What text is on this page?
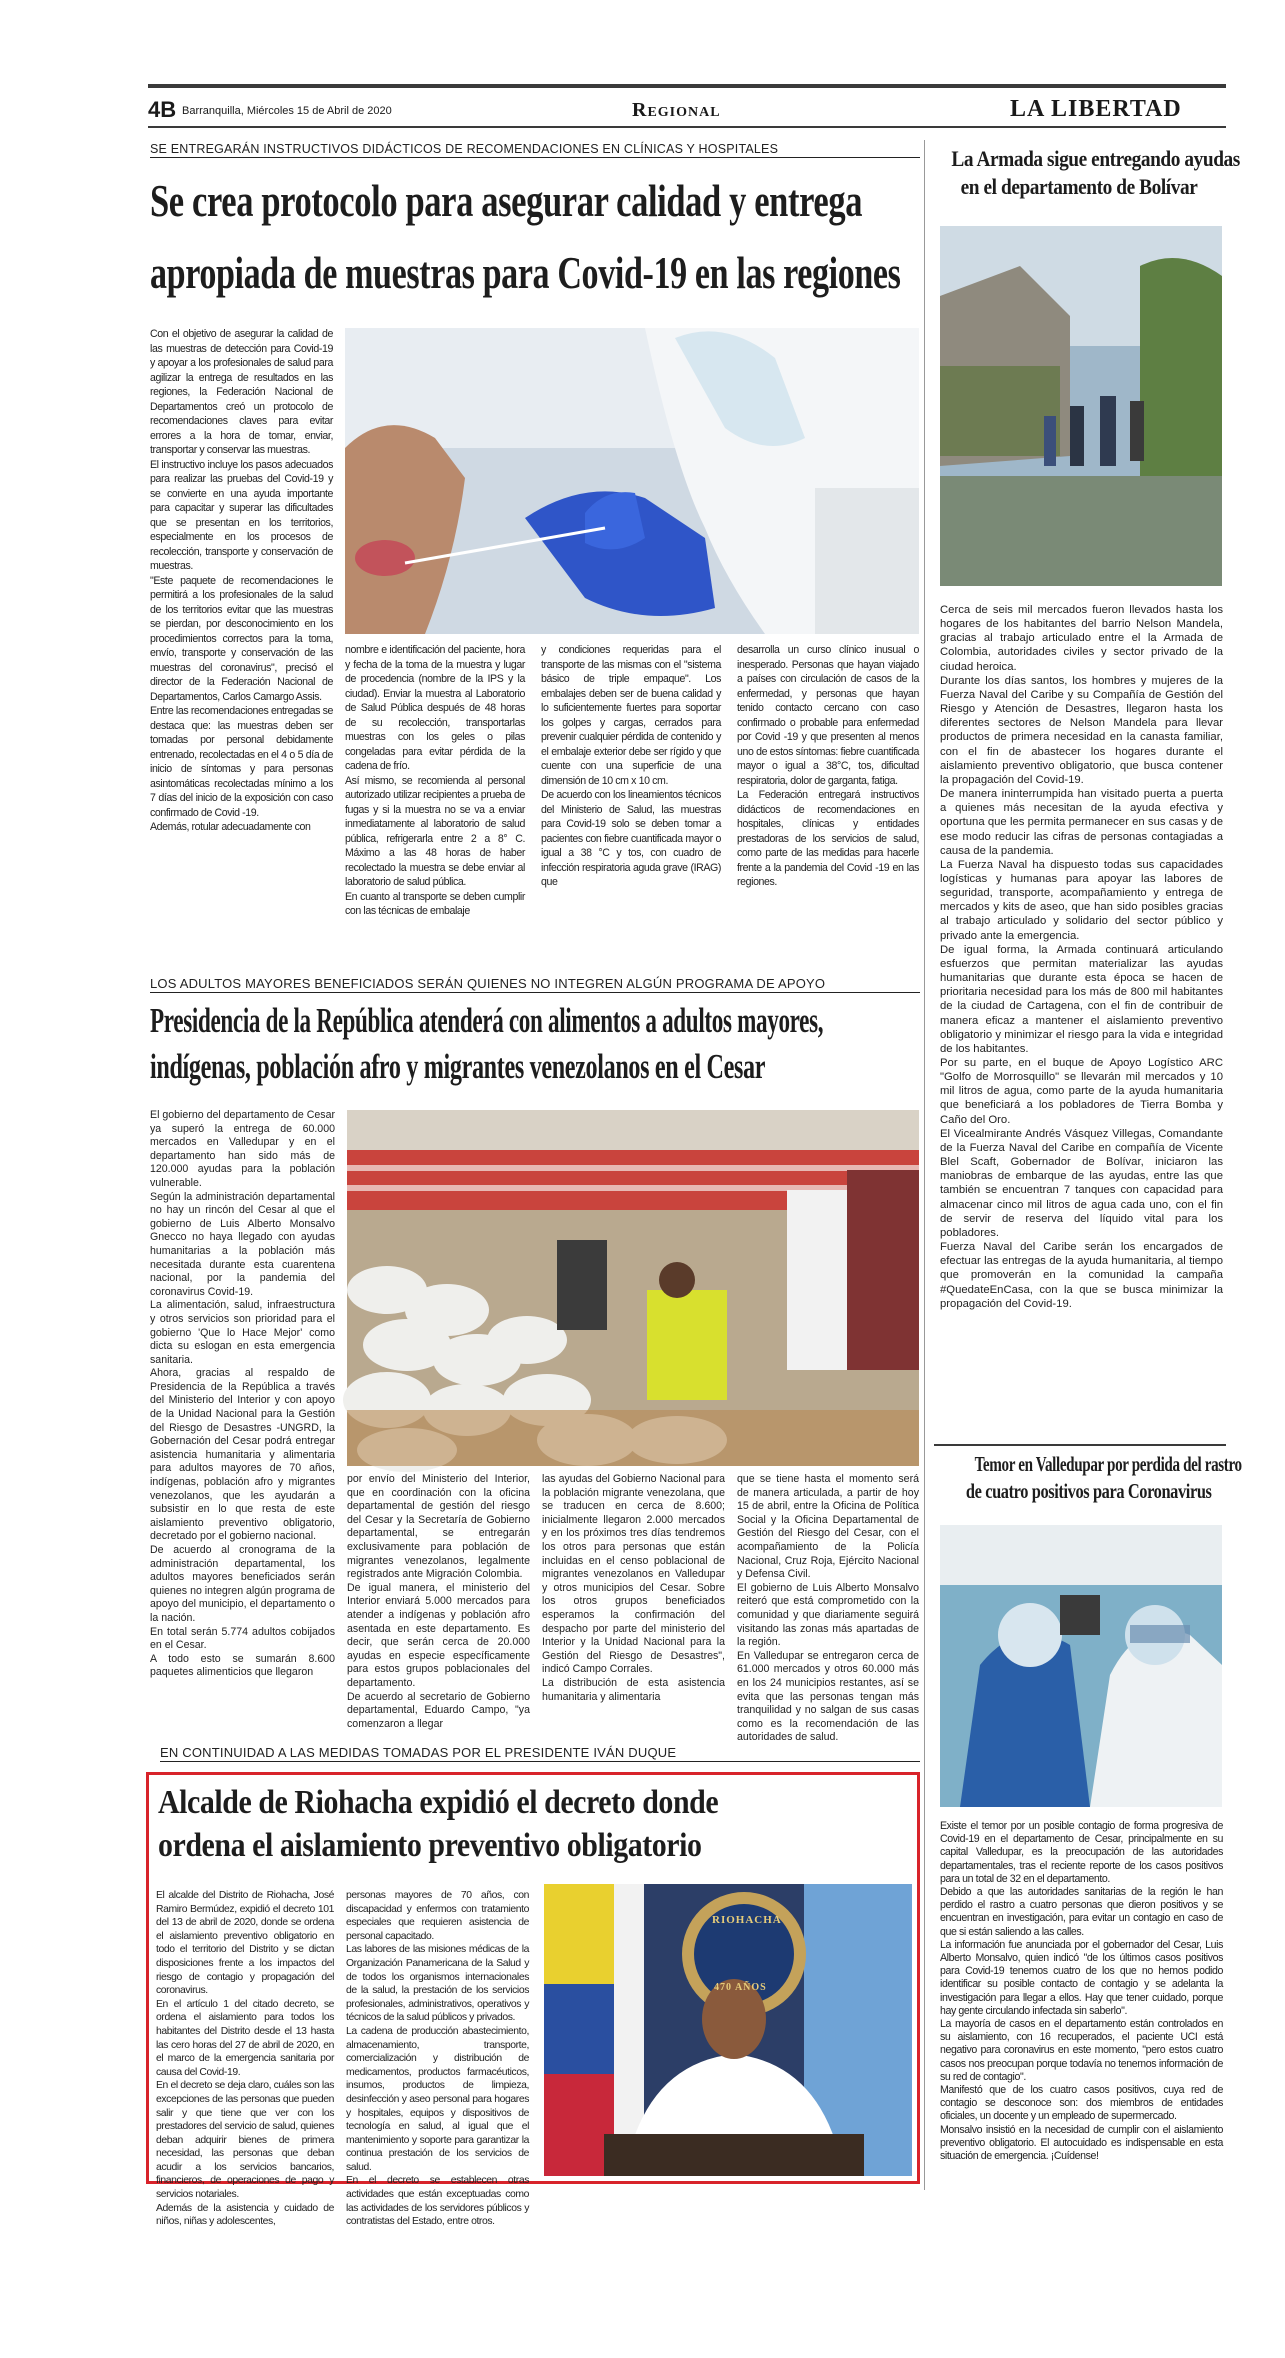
4B Barranquilla, Miércoles 15 de Abril de 2020	Regional	LA LIBERTAD
SE ENTREGARÁN INSTRUCTIVOS DIDÁCTICOS DE RECOMENDACIONES EN CLÍNICAS Y HOSPITALES
Se crea protocolo para asegurar calidad y entrega
apropiada de muestras para Covid-19 en las regiones

Con el objetivo de asegurar la calidad de las muestras de detección para Covid-19 y apoyar a los profesionales de salud para agilizar la entrega de resultados en las regiones, la Federación Nacional de Departamentos creó un protocolo de recomendaciones claves para evitar errores a la hora de tomar, enviar, transportar y conservar las muestras.
El instructivo incluye los pasos adecuados para realizar las pruebas del Covid-19 y se convierte en una ayuda importante para capacitar y superar las dificultades que se presentan en los territorios, especialmente en los procesos de recolección, transporte y conservación de muestras.
"Este paquete de recomendaciones le permitirá a los profesionales de la salud de los territorios evitar que las muestras se pierdan, por desconocimiento en los procedimientos correctos para la toma, envío, transporte y conservación de las muestras del coronavirus", precisó el director de la Federación Nacional de Departamentos, Carlos Camargo Assis.
Entre las recomendaciones entregadas se destaca que: las muestras deben ser tomadas por personal debidamente entrenado, recolectadas en el 4 o 5 día de inicio de síntomas y para personas asintomáticas recolectadas mínimo a los 7 días del inicio de la exposición con caso confirmado de Covid -19.
Además, rotular adecuadamente con

nombre e identificación del paciente, hora y fecha de la toma de la muestra y lugar de procedencia (nombre de la IPS y la ciudad). Enviar la muestra al Laboratorio de Salud Pública después de 48 horas de su recolección, transportarlas muestras con los geles o pilas congeladas para evitar pérdida de la cadena de frío.
Así mismo, se recomienda al personal autorizado utilizar recipientes a prueba de fugas y si la muestra no se va a enviar inmediatamente al laboratorio de salud pública, refrigerarla entre 2 a 8° C. Máximo a las 48 horas de haber recolectado la muestra se debe enviar al laboratorio de salud pública.
En cuanto al transporte se deben cumplir con las técnicas de embalaje

y condiciones requeridas para el transporte de las mismas con el "sistema básico de triple empaque". Los embalajes deben ser de buena calidad y lo suficientemente fuertes para soportar los golpes y cargas, cerrados para prevenir cualquier pérdida de contenido y el embalaje exterior debe ser rígido y que cuente con una superficie de una dimensión de 10 cm x 10 cm.
De acuerdo con los lineamientos técnicos del Ministerio de Salud, las muestras para Covid-19 solo se deben tomar a pacientes con fiebre cuantificada mayor o igual a 38 °C y tos, con cuadro de infección respiratoria aguda grave (IRAG) que

desarrolla un curso clínico inusual o inesperado. Personas que hayan viajado a países con circulación de casos de la enfermedad, y personas que hayan tenido contacto cercano con caso confirmado o probable para enfermedad por Covid -19 y que presenten al menos uno de estos síntomas: fiebre cuantificada mayor o igual a 38°C, tos, dificultad respiratoria, dolor de garganta, fatiga.
La Federación entregará instructivos didácticos de recomendaciones en hospitales, clínicas y entidades prestadoras de los servicios de salud, como parte de las medidas para hacerle frente a la pandemia del Covid -19 en las regiones.

LOS ADULTOS MAYORES BENEFICIADOS SERÁN QUIENES NO INTEGREN ALGÚN PROGRAMA DE APOYO
Presidencia de la República atenderá con alimentos a adultos mayores,
indígenas, población afro y migrantes venezolanos en el Cesar

El gobierno del departamento de Cesar ya superó la entrega de 60.000 mercados en Valledupar y en el departamento han sido más de 120.000 ayudas para la población vulnerable.
Según la administración departamental no hay un rincón del Cesar al que el gobierno de Luis Alberto Monsalvo Gnecco no haya llegado con ayudas humanitarias a la población más necesitada durante esta cuarentena nacional, por la pandemia del coronavirus Covid-19.
La alimentación, salud, infraestructura y otros servicios son prioridad para el gobierno 'Que lo Hace Mejor' como dicta su eslogan en esta emergencia sanitaria.
Ahora, gracias al respaldo de Presidencia de la República a través del Ministerio del Interior y con apoyo de la Unidad Nacional para la Gestión del Riesgo de Desastres -UNGRD, la Gobernación del Cesar podrá entregar asistencia humanitaria y alimentaria para adultos mayores de 70 años, indígenas, población afro y migrantes venezolanos, que les ayudarán a subsistir en lo que resta de este aislamiento preventivo obligatorio, decretado por el gobierno nacional.
De acuerdo al cronograma de la administración departamental, los adultos mayores beneficiados serán quienes no integren algún programa de apoyo del municipio, el departamento o la nación.
En total serán 5.774 adultos cobijados en el Cesar.
A todo esto se sumarán 8.600 paquetes alimenticios que llegaron

por envío del Ministerio del Interior, que en coordinación con la oficina departamental de gestión del riesgo del Cesar y la Secretaría de Gobierno departamental, se entregarán exclusivamente para población de migrantes venezolanos, legalmente registrados ante Migración Colombia.
De igual manera, el ministerio del Interior enviará 5.000 mercados para atender a indígenas y población afro asentada en este departamento. Es decir, que serán cerca de 20.000 ayudas en especie específicamente para estos grupos poblacionales del departamento.
De acuerdo al secretario de Gobierno departamental, Eduardo Campo, "ya comenzaron a llegar

las ayudas del Gobierno Nacional para la población migrante venezolana, que se traducen en cerca de 8.600; inicialmente llegaron 2.000 mercados y en los próximos tres días tendremos los otros para personas que están incluidas en el censo poblacional de migrantes venezolanos en Valledupar y otros municipios del Cesar. Sobre los otros grupos beneficiados esperamos la confirmación del despacho por parte del ministerio del Interior y la Unidad Nacional para la Gestión del Riesgo de Desastres", indicó Campo Corrales.
La distribución de esta asistencia humanitaria y alimentaria

que se tiene hasta el momento será de manera articulada, a partir de hoy 15 de abril, entre la Oficina de Política Social y la Oficina Departamental de Gestión del Riesgo del Cesar, con el acompañamiento de la Policía Nacional, Cruz Roja, Ejército Nacional y Defensa Civil.
El gobierno de Luis Alberto Monsalvo reiteró que está comprometido con la comunidad y que diariamente seguirá visitando las zonas más apartadas de la región.
En Valledupar se entregaron cerca de 61.000 mercados y otros 60.000 más en los 24 municipios restantes, así se evita que las personas tengan más tranquilidad y no salgan de sus casas como es la recomendación de las autoridades de salud.

EN CONTINUIDAD A LAS MEDIDAS TOMADAS POR EL PRESIDENTE IVÁN DUQUE
Alcalde de Riohacha expidió el decreto donde
ordena el aislamiento preventivo obligatorio

El alcalde del Distrito de Riohacha, José Ramiro Bermúdez, expidió el decreto 101 del 13 de abril de 2020, donde se ordena el aislamiento preventivo obligatorio en todo el territorio del Distrito y se dictan disposiciones frente a los impactos del riesgo de contagio y propagación del coronavirus.
En el artículo 1 del citado decreto, se ordena el aislamiento para todos los habitantes del Distrito desde el 13 hasta las cero horas del 27 de abril de 2020, en el marco de la emergencia sanitaria por causa del Covid-19.
En el decreto se deja claro, cuáles son las excepciones de las personas que pueden salir y que tiene que ver con los prestadores del servicio de salud, quienes deban adquirir bienes de primera necesidad, las personas que deban acudir a los servicios bancarios, financieros, de operaciones de pago y servicios notariales.
Además de la asistencia y cuidado de niños, niñas y adolescentes,

personas mayores de 70 años, con discapacidad y enfermos con tratamiento especiales que requieren asistencia de personal capacitado.
Las labores de las misiones médicas de la Organización Panamericana de la Salud y de todos los organismos internacionales de la salud, la prestación de los servicios profesionales, administrativos, operativos y técnicos de la salud públicos y privados.
La cadena de producción abastecimiento, almacenamiento, transporte, comercialización y distribución de medicamentos, productos farmacéuticos, insumos, productos de limpieza, desinfección y aseo personal para hogares y hospitales, equipos y dispositivos de tecnología en salud, al igual que el mantenimiento y soporte para garantizar la continua prestación de los servicios de salud.
En el decreto se establecen otras actividades que están exceptuadas como las actividades de los servidores públicos y contratistas del Estado, entre otros.

RIOHACHA
470 AÑOS
La Armada sigue entregando ayudas
en el departamento de Bolívar

Cerca de seis mil mercados fueron llevados hasta los hogares de los habitantes del barrio Nelson Mandela, gracias al trabajo articulado entre el la Armada de Colombia, autoridades civiles y sector privado de la ciudad heroica.
Durante los días santos, los hombres y mujeres de la Fuerza Naval del Caribe y su Compañía de Gestión del Riesgo y Atención de Desastres, llegaron hasta los diferentes sectores de Nelson Mandela para llevar productos de primera necesidad en la canasta familiar, con el fin de abastecer los hogares durante el aislamiento preventivo obligatorio, que busca contener la propagación del Covid-19.
De manera ininterrumpida han visitado puerta a puerta a quienes más necesitan de la ayuda efectiva y oportuna que les permita permanecer en sus casas y de ese modo reducir las cifras de personas contagiadas a causa de la pandemia.
La Fuerza Naval ha dispuesto todas sus capacidades logísticas y humanas para apoyar las labores de seguridad, transporte, acompañamiento y entrega de mercados y kits de aseo, que han sido posibles gracias al trabajo articulado y solidario del sector público y privado ante la emergencia.
De igual forma, la Armada continuará articulando esfuerzos que permitan materializar las ayudas humanitarias que durante esta época se hacen de prioritaria necesidad para los más de 800 mil habitantes de la ciudad de Cartagena, con el fin de contribuir de manera eficaz a mantener el aislamiento preventivo obligatorio y minimizar el riesgo para la vida e integridad de los habitantes.
Por su parte, en el buque de Apoyo Logístico ARC "Golfo de Morrosquillo" se llevarán mil mercados y 10 mil litros de agua, como parte de la ayuda humanitaria que beneficiará a los pobladores de Tierra Bomba y Caño del Oro.
El Vicealmirante Andrés Vásquez Villegas, Comandante de la Fuerza Naval del Caribe en compañía de Vicente Blel Scaft, Gobernador de Bolívar, iniciaron las maniobras de embarque de las ayudas, entre las que también se encuentran 7 tanques con capacidad para almacenar cinco mil litros de agua cada uno, con el fin de servir de reserva del líquido vital para los pobladores.
Fuerza Naval del Caribe serán los encargados de efectuar las entregas de la ayuda humanitaria, al tiempo que promoverán en la comunidad la campaña #QuedateEnCasa, con la que se busca minimizar la propagación del Covid-19.

Temor en Valledupar por perdida del rastro
de cuatro positivos para Coronavirus

Existe el temor por un posible contagio de forma progresiva de Covid-19 en el departamento de Cesar, principalmente en su capital Valledupar, es la preocupación de las autoridades departamentales, tras el reciente reporte de los casos positivos para un total de 32 en el departamento.
Debido a que las autoridades sanitarias de la región le han perdido el rastro a cuatro personas que dieron positivos y se encuentran en investigación, para evitar un contagio en caso de que si están saliendo a las calles.
La información fue anunciada por el gobernador del Cesar, Luis Alberto Monsalvo, quien indicó "de los últimos casos positivos para Covid-19 tenemos cuatro de los que no hemos podido identificar su posible contacto de contagio y se adelanta la investigación para llegar a ellos. Hay que tener cuidado, porque hay gente circulando infectada sin saberlo".
La mayoría de casos en el departamento están controlados en su aislamiento, con 16 recuperados, el paciente UCI está negativo para coronavirus en este momento, "pero estos cuatro casos nos preocupan porque todavía no tenemos información de su red de contagio".
Manifestó que de los cuatro casos positivos, cuya red de contagio se desconoce son: dos miembros de entidades oficiales, un docente y un empleado de supermercado.
Monsalvo insistió en la necesidad de cumplir con el aislamiento preventivo obligatorio. El autocuidado es indispensable en esta situación de emergencia. ¡Cuídense!
